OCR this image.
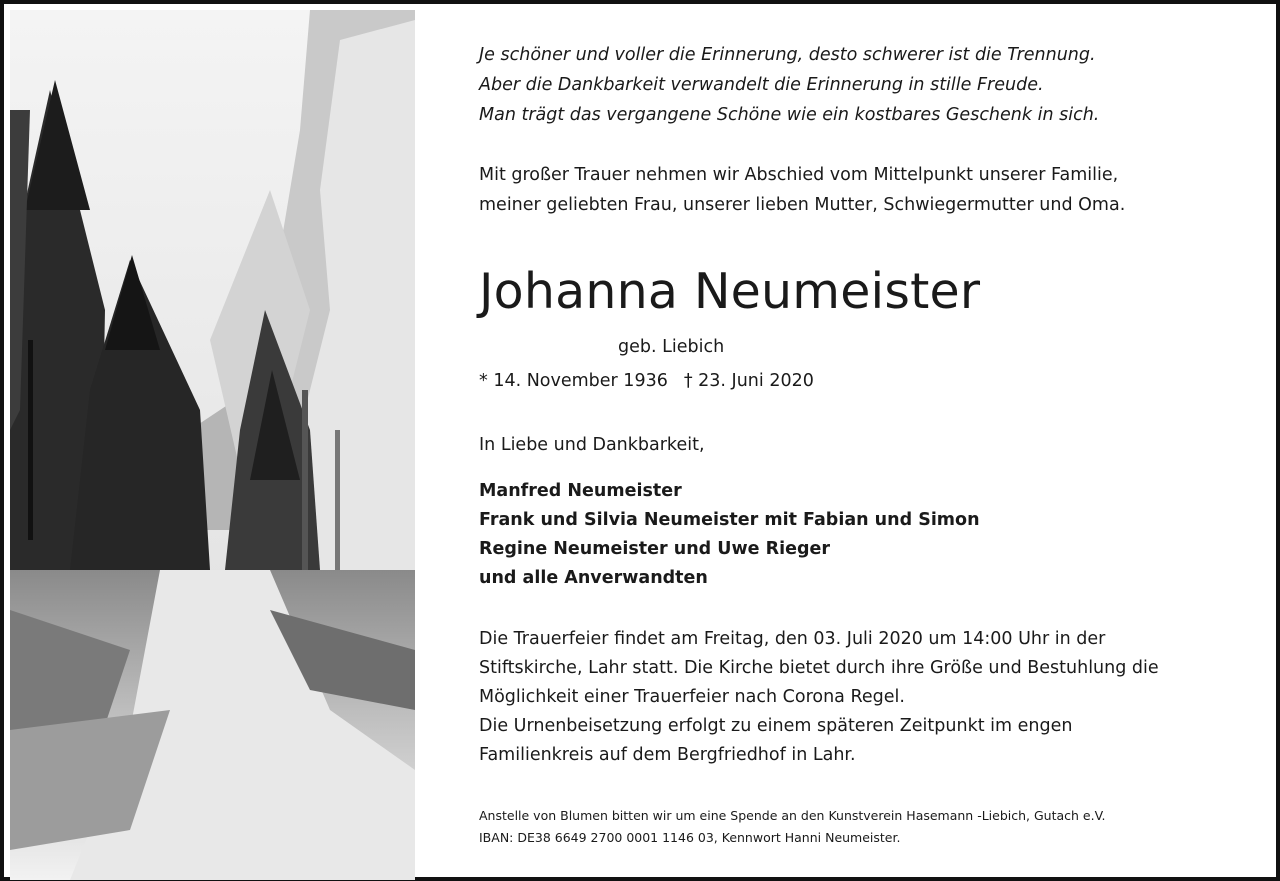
Je schöner und voller die Erinnerung, desto schwerer ist die Trennung.
Aber die Dankbarkeit verwandelt die Erinnerung in stille Freude.
Man trägt das vergangene Schöne wie ein kostbares Geschenk in sich.

Mit großer Trauer nehmen wir Abschied vom Mittelpunkt unserer Familie,
meiner geliebten Frau, unserer lieben Mutter, Schwiegermutter und Oma.

Johanna Neumeister
geb. Liebich
* 14. November 1936 † 23. Juni 2020
In Liebe und Dankbarkeit,

Manfred Neumeister
Frank und Silvia Neumeister mit Fabian und Simon
Regine Neumeister und Uwe Rieger
und alle Anverwandten

Die Trauerfeier findet am Freitag, den 03. Juli 2020 um 14:00 Uhr in der
Stiftskirche, Lahr statt. Die Kirche bietet durch ihre Größe und Bestuhlung die
Möglichkeit einer Trauerfeier nach Corona Regel.
Die Urnenbeisetzung erfolgt zu einem späteren Zeitpunkt im engen
Familienkreis auf dem Bergfriedhof in Lahr.

Anstelle von Blumen bitten wir um eine Spende an den Kunstverein Hasemann -Liebich, Gutach e.V.
IBAN: DE38 6649 2700 0001 1146 03, Kennwort Hanni Neumeister.
